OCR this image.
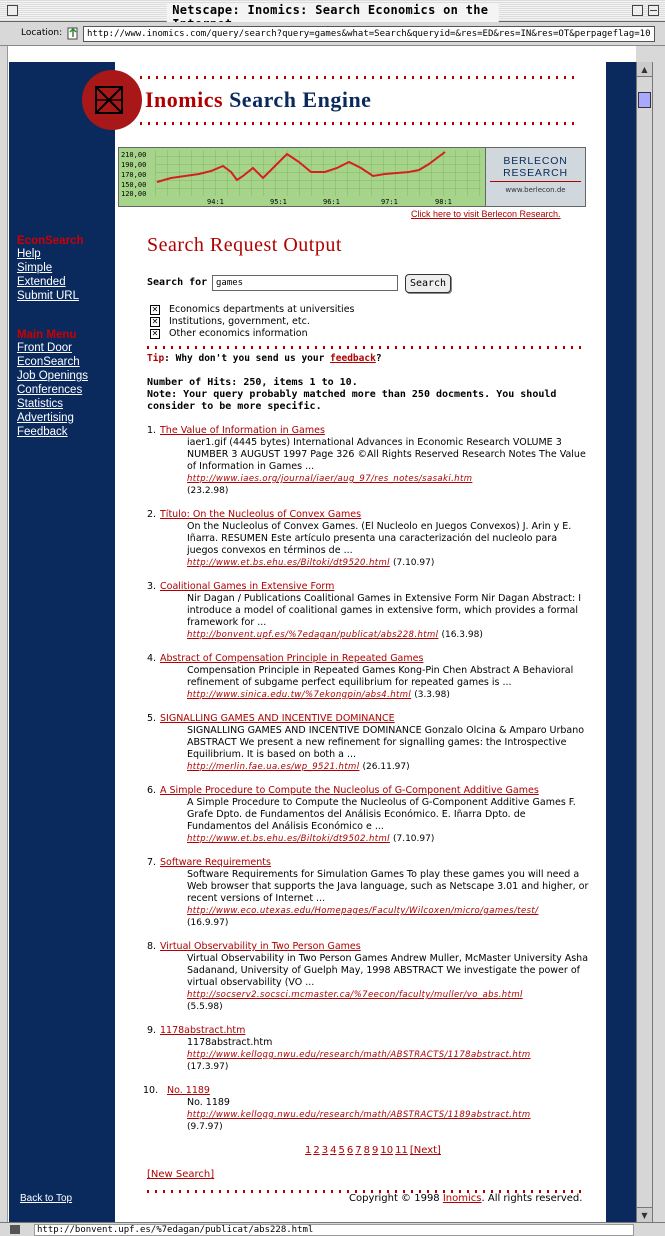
Netscape: Inomics: Search Economics on the
Location:	http://www.inomics.com/query/search?query=games&what=Search&queryid=&res=ED&res=IN&res=OT&perpageflag=10
Inomics Search Engine
210,00
190,00
170,00
150,00
120,00
94:1	95:1	96:1	97:1	98:1
BERLECON
RESEARCH
www.berlecon.de
Click here to visit Berlecon Research.
EconSearch
Help
Simple
Extended
Submit URL
Main Menu
Front Door
EconSearch
Job Openings
Conferences
Statistics
Advertising
Feedback
Back to Top
Search Request Output
Search for games	Search
✕ Economics departments at universities
✕ Institutions, government, etc.
✕ Other economics information
Tip: Why don't you send us your feedback?
Number of Hits: 250, items 1 to 10.
Note: Your query probably matched more than 250 docments. You should consider to be more specific.
1. The Value of Information in Games
iaer1.gif (4445 bytes) International Advances in Economic Research VOLUME 3 NUMBER 3 AUGUST 1997 Page 326 ©All Rights Reserved Research Notes The Value of Information in Games ...
http://www.iaes.org/journal/iaer/aug_97/res_notes/sasaki.htm
(23.2.98)
2. Título: On the Nucleolus of Convex Games
On the Nucleolus of Convex Games. (El Nucleolo en Juegos Convexos) J. Arin y E. Iñarra. RESUMEN Este artículo presenta una caracterización del nucleolo para juegos convexos en términos de ...
http://www.et.bs.ehu.es/Biltoki/dt9520.html (7.10.97)
3. Coalitional Games in Extensive Form
Nir Dagan / Publications Coalitional Games in Extensive Form Nir Dagan Abstract: I introduce a model of coalitional games in extensive form, which provides a formal framework for ...
http://bonvent.upf.es/%7edagan/publicat/abs228.html (16.3.98)
4. Abstract of Compensation Principle in Repeated Games
Compensation Principle in Repeated Games Kong-Pin Chen Abstract A Behavioral refinement of subgame perfect equilibrium for repeated games is ...
http://www.sinica.edu.tw/%7ekongpin/abs4.html (3.3.98)
5. SIGNALLING GAMES AND INCENTIVE DOMINANCE
SIGNALLING GAMES AND INCENTIVE DOMINANCE Gonzalo Olcina & Amparo Urbano ABSTRACT We present a new refinement for signalling games: the Introspective Equilibrium. It is based on both a ...
http://merlin.fae.ua.es/wp_9521.html (26.11.97)
6. A Simple Procedure to Compute the Nucleolus of G-Component Additive Games
A Simple Procedure to Compute the Nucleolus of G-Component Additive Games F. Grafe Dpto. de Fundamentos del Análisis Económico. E. Iñarra Dpto. de Fundamentos del Análisis Económico e ...
http://www.et.bs.ehu.es/Biltoki/dt9502.html (7.10.97)
7. Software Requirements
Software Requirements for Simulation Games To play these games you will need a Web browser that supports the Java language, such as Netscape 3.01 and higher, or recent versions of Internet ...
http://www.eco.utexas.edu/Homepages/Faculty/Wilcoxen/micro/games/test/
(16.9.97)
8. Virtual Observability in Two Person Games
Virtual Observability in Two Person Games Andrew Muller, McMaster University Asha Sadanand, University of Guelph May, 1998 ABSTRACT We investigate the power of virtual observability (VO ...
http://socserv2.socsci.mcmaster.ca/%7eecon/faculty/muller/vo_abs.html
(5.5.98)
9. 1178abstract.htm
1178abstract.htm
http://www.kellogg.nwu.edu/research/math/ABSTRACTS/1178abstract.htm
(17.3.97)
10. No. 1189
No. 1189
http://www.kellogg.nwu.edu/research/math/ABSTRACTS/1189abstract.htm
(9.7.97)
1 2 3 4 5 6 7 8 9 10 11 [Next]
[New Search]
Copyright © 1998 Inomics. All rights reserved.
▲
▼
http://bonvent.upf.es/%7edagan/publicat/abs228.html
